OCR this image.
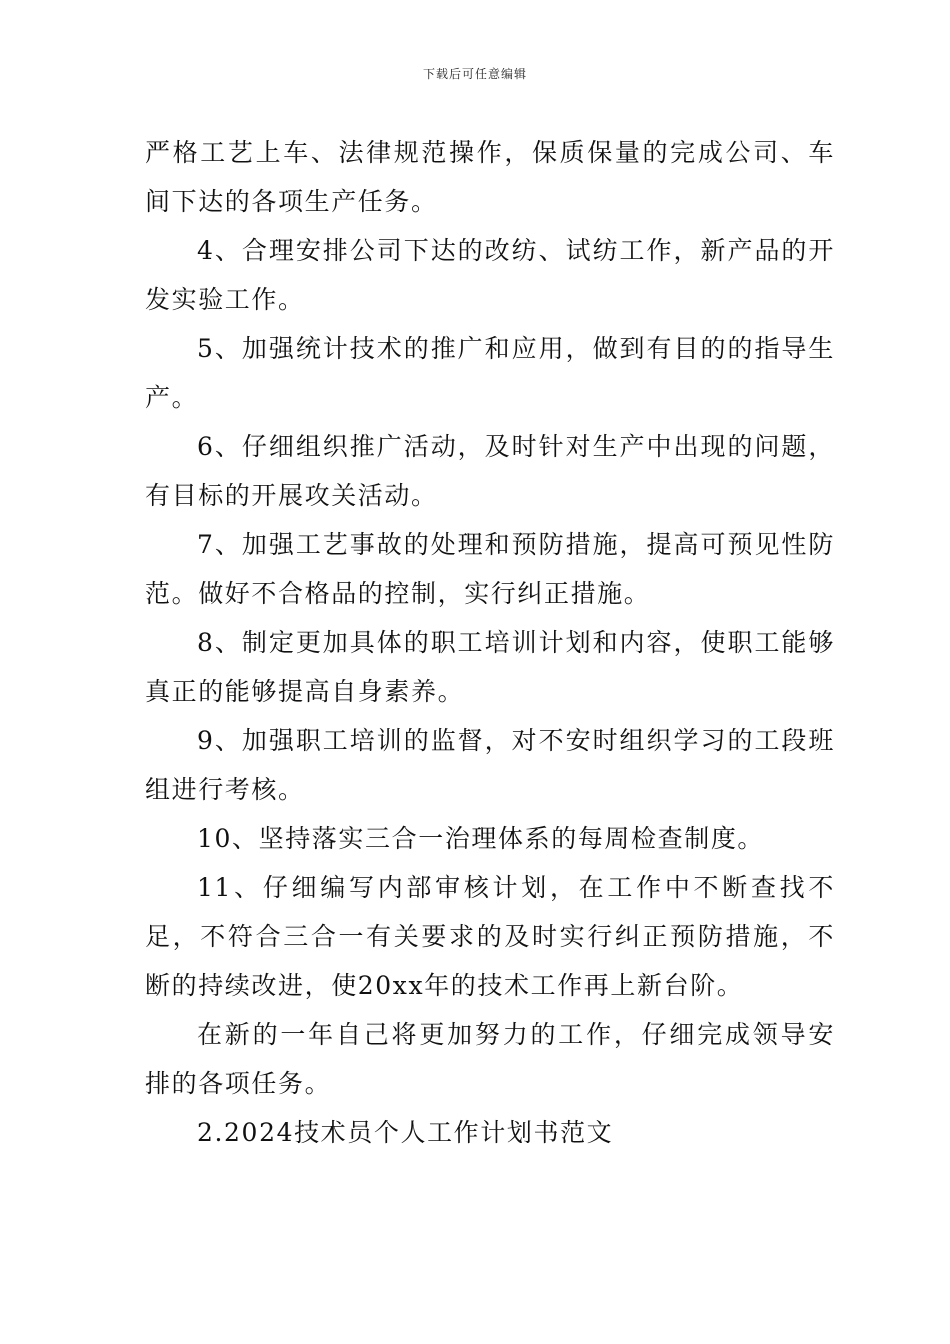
下载后可任意编辑

严格工艺上车、法律规范操作，保质保量的完成公司、车间下达的各项生产任务。

4、合理安排公司下达的改纺、试纺工作，新产品的开发实验工作。

5、加强统计技术的推广和应用，做到有目的的指导生产。

6、仔细组织推广活动，及时针对生产中出现的问题，有目标的开展攻关活动。

7、加强工艺事故的处理和预防措施，提高可预见性防范。做好不合格品的控制，实行纠正措施。

8、制定更加具体的职工培训计划和内容，使职工能够真正的能够提高自身素养。

9、加强职工培训的监督，对不安时组织学习的工段班组进行考核。

10、坚持落实三合一治理体系的每周检查制度。

11、仔细编写内部审核计划，在工作中不断查找不足，不符合三合一有关要求的及时实行纠正预防措施，不断的持续改进，使20xx年的技术工作再上新台阶。

在新的一年自己将更加努力的工作，仔细完成领导安排的各项任务。

2.2024技术员个人工作计划书范文
